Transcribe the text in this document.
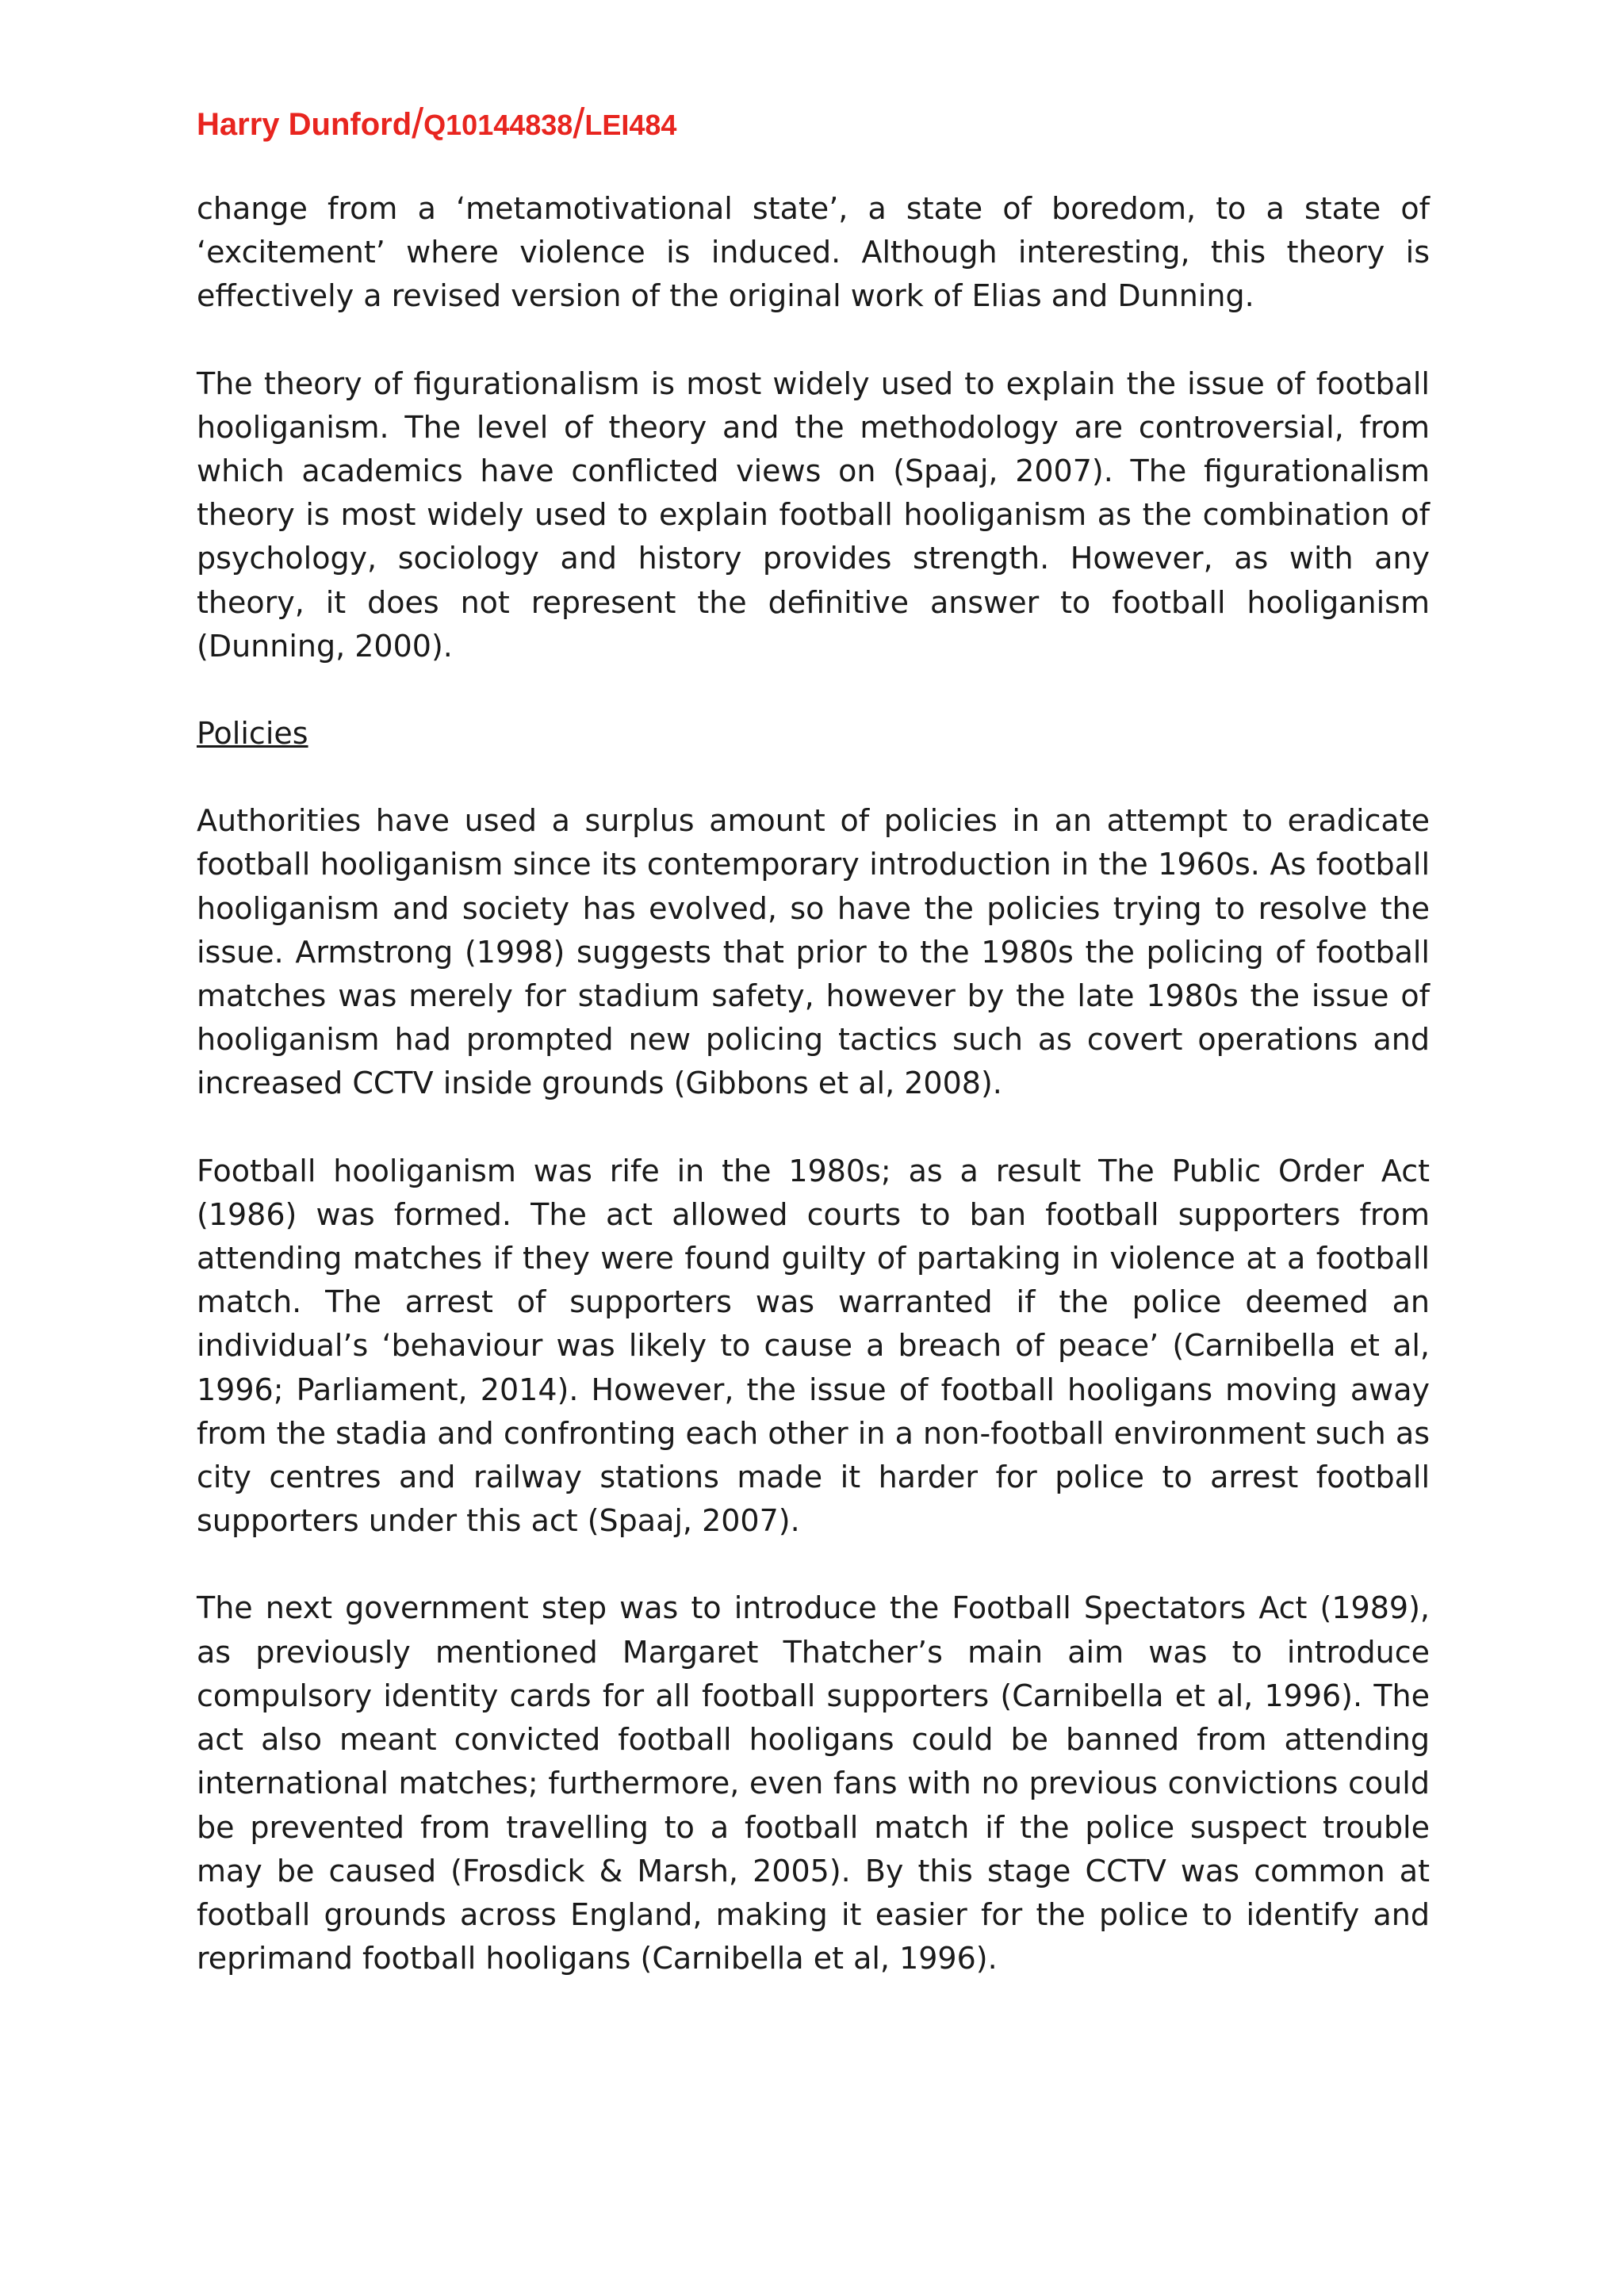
Harry Dunford/Q10144838/LEI484

change from a ‘metamotivational state’, a state of boredom, to a state of ‘excitement’ where violence is induced. Although interesting, this theory is effectively a revised version of the original work of Elias and Dunning.

The theory of figurationalism is most widely used to explain the issue of football hooliganism. The level of theory and the methodology are controversial, from which academics have conflicted views on (Spaaj, 2007). The figurationalism theory is most widely used to explain football hooliganism as the combination of psychology, sociology and history provides strength. However, as with any theory, it does not represent the definitive answer to football hooliganism (Dunning, 2000).

Policies

Authorities have used a surplus amount of policies in an attempt to eradicate football hooliganism since its contemporary introduction in the 1960s. As football hooliganism and society has evolved, so have the policies trying to resolve the issue. Armstrong (1998) suggests that prior to the 1980s the policing of football matches was merely for stadium safety, however by the late 1980s the issue of hooliganism had prompted new policing tactics such as covert operations and increased CCTV inside grounds (Gibbons et al, 2008).

Football hooliganism was rife in the 1980s; as a result The Public Order Act (1986) was formed. The act allowed courts to ban football supporters from attending matches if they were found guilty of partaking in violence at a football match. The arrest of supporters was warranted if the police deemed an individual’s ‘behaviour was likely to cause a breach of peace’ (Carnibella et al, 1996; Parliament, 2014). However, the issue of football hooligans moving away from the stadia and confronting each other in a non-football environment such as city centres and railway stations made it harder for police to arrest football supporters under this act (Spaaj, 2007).

The next government step was to introduce the Football Spectators Act (1989), as previously mentioned Margaret Thatcher’s main aim was to introduce compulsory identity cards for all football supporters (Carnibella et al, 1996). The act also meant convicted football hooligans could be banned from attending international matches; furthermore, even fans with no previous convictions could be prevented from travelling to a football match if the police suspect trouble may be caused (Frosdick & Marsh, 2005). By this stage CCTV was common at football grounds across England, making it easier for the police to identify and reprimand football hooligans (Carnibella et al, 1996).
